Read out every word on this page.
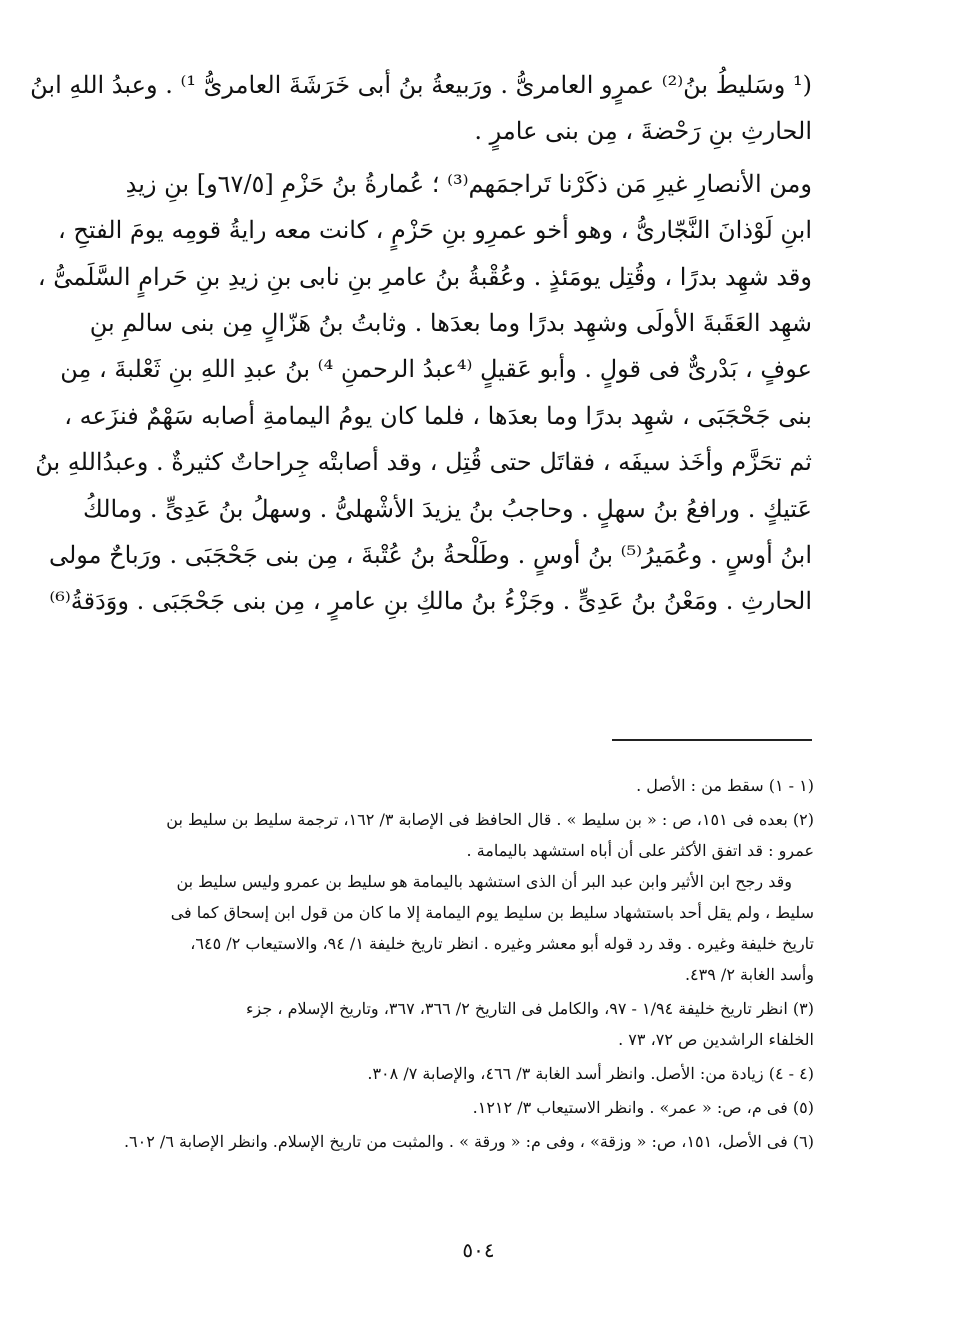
(¹ وسَليطُ بنُ⁽²⁾ عمرٍو العامرىُّ . ورَبيعةُ بنُ أبى خَرَشَةَ العامرىُّ ¹⁾ . وعبدُ اللهِ ابنُ
الحارثِ بنِ رَحْضةَ ، مِن بنى عامرٍ .
ومن الأنصارِ غيرِ مَن ذكَرْنا تَراجمَهم⁽³⁾ ؛ عُمارةُ بنُ حَزْمِ [٦٧/٥و] بنِ زيدِ
ابنِ لَوْذانَ النَّجّارىُّ ، وهو أخو عمرِو بنِ حَزْمٍ ، كانت معه رايةُ قومِه يومَ الفتحِ ،
وقد شهِد بدرًا ، وقُتِل يومَئذٍ . وعُقْبةُ بنُ عامرِ بنِ نابى بنِ زيدِ بنِ حَرامٍ السَّلَمىُّ ،
شهِد العَقَبةَ الأولَى وشهِد بدرًا وما بعدَها . وثابتُ بنُ هَزّالٍ مِن بنى سالمِ بنِ
عوفٍ ، بَدْرىٌّ فى قولٍ . وأبو عَقيلٍ ⁽⁴عبدُ الرحمنِ ⁴⁾ بنُ عبدِ اللهِ بنِ ثَعْلبةَ ، مِن
بنى جَحْجَبَى ، شهِد بدرًا وما بعدَها ، فلما كان يومُ اليمامةِ أصابه سَهْمٌ فنزَعه ،
ثم تحَزَّم وأخَذ سيفَه ، فقاتَل حتى قُتِل ، وقد أصابتْه جِراحاتٌ كثيرةٌ . وعبدُاللهِ بنُ
عَتيكٍ . ورافعُ بنُ سهلٍ . وحاجبُ بنُ يزيدَ الأشْهلىُّ . وسهلُ بنُ عَدِىٍّ . ومالكُ
ابنُ أوسٍ . وعُمَيرُ⁽⁵⁾ بنُ أوسٍ . وطَلْحةُ بنُ عُتْبةَ ، مِن بنى جَحْجَبَى . ورَباحٌ مولى
الحارثِ . ومَعْنُ بنُ عَدِىٍّ . وجَزْءُ بنُ مالكِ بنِ عامرٍ ، مِن بنى جَحْجَبَى . ووَدَقةُ⁽⁶⁾
(١ - ١) سقط من : الأصل .
(٢) بعده فى ١٥١، ص : « بن سليط » . قال الحافظ فى الإصابة ٣/ ١٦٢، ترجمة سليط بن سليط بن
عمرو : قد اتفق الأكثر على أن أباه استشهد باليمامة .
وقد رجح ابن الأثير وابن عبد البر أن الذى استشهد باليمامة هو سليط بن عمرو وليس سليط بن
سليط ، ولم يقل أحد باستشهاد سليط بن سليط يوم اليمامة إلا ما كان من قول ابن إسحاق كما فى
تاريخ خليفة وغيره . وقد رد قوله أبو معشر وغيره . انظر تاريخ خليفة ١/ ٩٤، والاستيعاب ٢/ ٦٤٥،
وأسد الغابة ٢/ ٤٣٩.
(٣) انظر تاريخ خليفة ١/٩٤ - ٩٧، والكامل فى التاريخ ٢/ ٣٦٦، ٣٦٧، وتاريخ الإسلام ، جزء
الخلفاء الراشدين ص ٧٢، ٧٣ .
(٤ - ٤) زيادة من: الأصل. وانظر أسد الغابة ٣/ ٤٦٦، والإصابة ٧/ ٣٠٨.
(٥) فى م، ص: « عمر» . وانظر الاستيعاب ٣/ ١٢١٢.
(٦) فى الأصل، ١٥١، ص: « وزقة» ، وفى م: « ورقة » . والمثبت من تاريخ الإسلام. وانظر الإصابة ٦/ ٦٠٢.
٥٠٤
